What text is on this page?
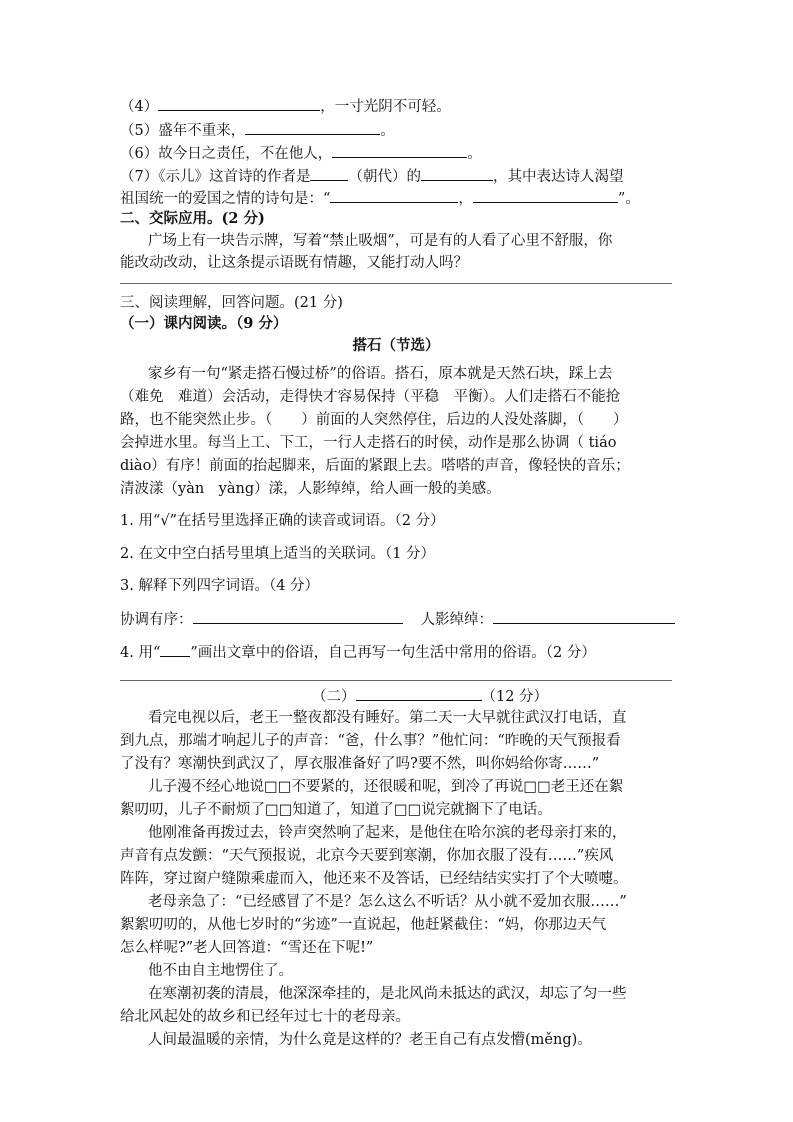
（4）	，一寸光阴不可轻。
（5）盛年不重来，	。
（6）故今日之责任，不在他人，	。
（7）《示儿》这首诗的作者是	（朝代）的	，其中表达诗人渴望
祖国统一的爱国之情的诗句是：“	，	”。
二、交际应用。(2 分)
广场上有一块告示牌，写着“禁止吸烟”，可是有的人看了心里不舒服，你
能改动改动，让这条提示语既有情趣，又能打动人吗？
三、阅读理解，回答问题。(21 分)
（一）课内阅读。（9 分）
搭石（节选）
家乡有一句“紧走搭石慢过桥”的俗语。搭石，原本就是天然石块，踩上去
（难免　难道）会活动，走得快才容易保持（平稳　平衡）。人们走搭石不能抢
路，也不能突然止步。（　　）前面的人突然停住，后边的人没处落脚，（　　）
会掉进水里。每当上工、下工，一行人走搭石的时侯，动作是那么协调（ tiáo
diào）有序！前面的抬起脚来，后面的紧跟上去。嗒嗒的声音，像轻快的音乐；
清波漾（yàn　yàng）漾，人影绰绰，给人画一般的美感。
1. 用“√”在括号里选择正确的读音或词语。（2 分）
2. 在文中空白括号里填上适当的关联词。（1 分）
3. 解释下列四字词语。（4 分）
协调有序：	人影绰绰：
4. 用“ ”画出文章中的俗语，自己再写一句生活中常用的俗语。（2 分）
（二）	（12 分）
看完电视以后，老王一整夜都没有睡好。第二天一大早就往武汉打电话，直
到九点，那端才响起儿子的声音：“爸，什么事？”他忙问：“昨晚的天气预报看
了没有？寒潮快到武汉了，厚衣服准备好了吗?要不然，叫你妈给你寄……”
儿子漫不经心地说□□不要紧的，还很暖和呢，到冷了再说□□老王还在絮
絮叨叨，儿子不耐烦了□□知道了，知道了□□说完就搁下了电话。
他刚准备再拨过去，铃声突然响了起来，是他住在哈尔滨的老母亲打来的，
声音有点发颤：“天气预报说，北京今天要到寒潮，你加衣服了没有……”疾风
阵阵，穿过窗户缝隙乘虚而入，他还来不及答话，已经结结实实打了个大喷嚏。
老母亲急了：“已经感冒了不是？怎么这么不听话？从小就不爱加衣服……”
絮絮叨叨的，从他七岁时的“劣迹”一直说起，他赶紧截住：“妈，你那边天气
怎么样呢?”老人回答道：“雪还在下呢!”
他不由自主地愣住了。
在寒潮初袭的清晨，他深深牵挂的，是北风尚未抵达的武汉，却忘了匀一些
给北风起处的故乡和已经年过七十的老母亲。
人间最温暖的亲情，为什么竟是这样的？老王自己有点发懵(měng)。
